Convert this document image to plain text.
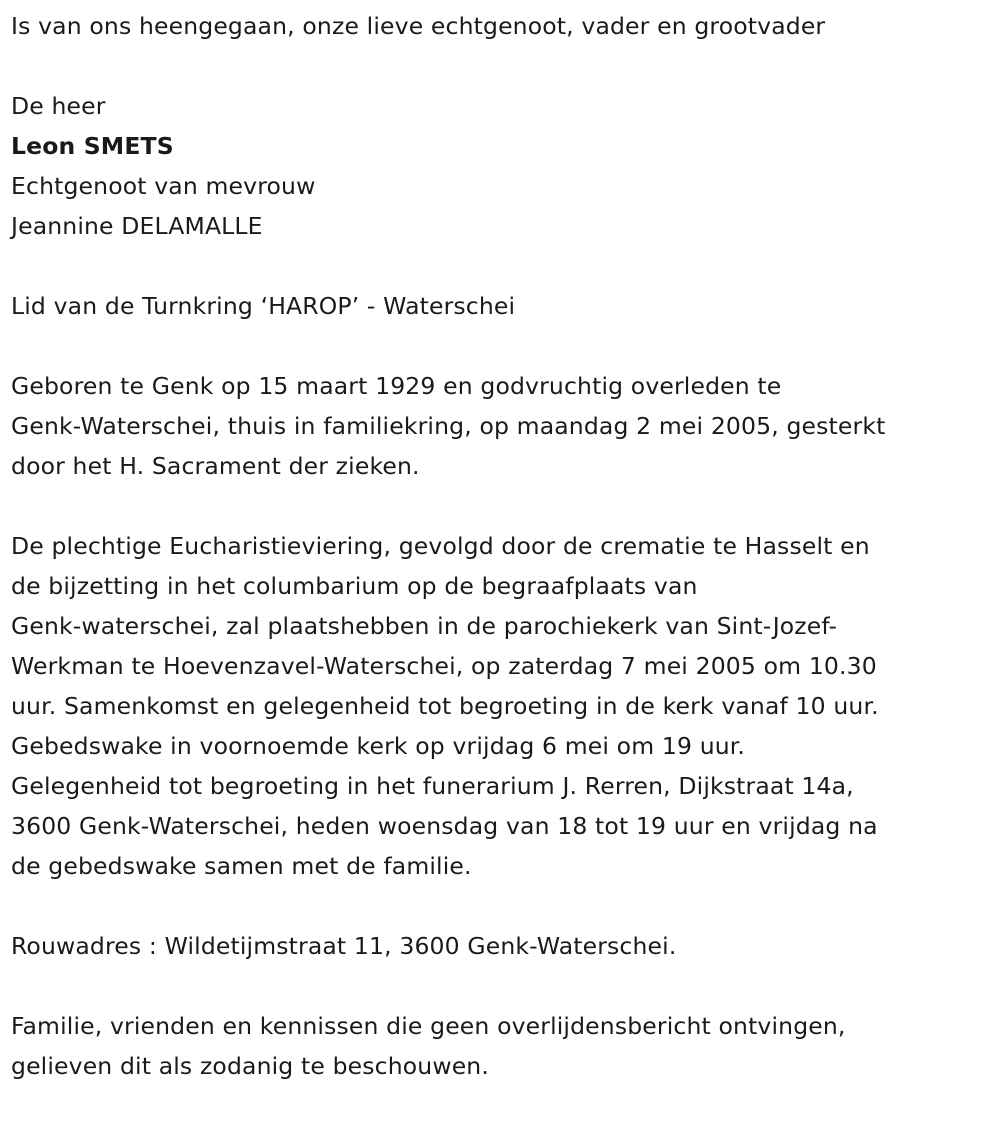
Is van ons heengegaan, onze lieve echtgenoot, vader en grootvader
De heer
Leon SMETS
Echtgenoot van mevrouw
Jeannine DELAMALLE
Lid van de Turnkring ‘HAROP’ - Waterschei
Geboren te Genk op 15 maart 1929 en godvruchtig overleden te
Genk-Waterschei, thuis in familiekring, op maandag 2 mei 2005, gesterkt
door het H. Sacrament der zieken.
De plechtige Eucharistieviering, gevolgd door de crematie te Hasselt en
de bijzetting in het columbarium op de begraafplaats van
Genk-waterschei, zal plaatshebben in de parochiekerk van Sint-Jozef-
Werkman te Hoevenzavel-Waterschei, op zaterdag 7 mei 2005 om 10.30
uur. Samenkomst en gelegenheid tot begroeting in de kerk vanaf 10 uur.
Gebedswake in voornoemde kerk op vrijdag 6 mei om 19 uur.
Gelegenheid tot begroeting in het funerarium J. Rerren, Dijkstraat 14a,
3600 Genk-Waterschei, heden woensdag van 18 tot 19 uur en vrijdag na
de gebedswake samen met de familie.
Rouwadres : Wildetijmstraat 11, 3600 Genk-Waterschei.
Familie, vrienden en kennissen die geen overlijdensbericht ontvingen,
gelieven dit als zodanig te beschouwen.
